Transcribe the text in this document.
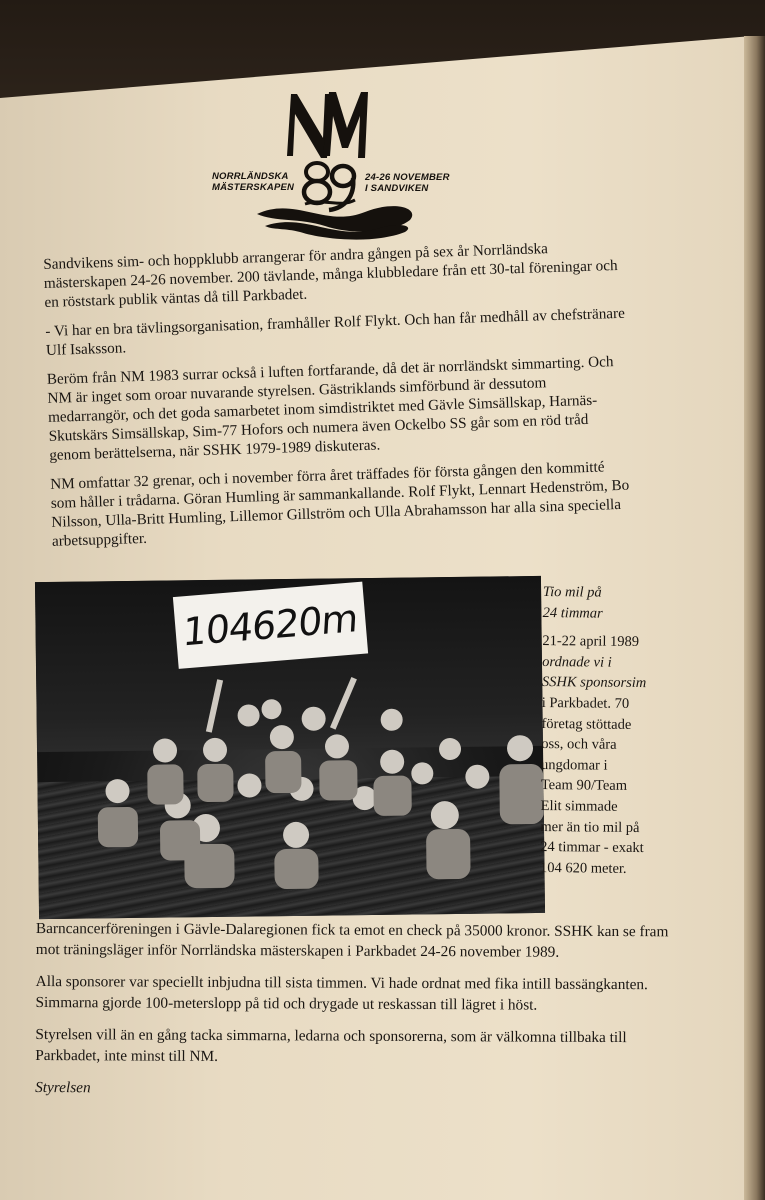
NORRLÄNDSKA
MÄSTERSKAPEN
24-26 NOVEMBER
I SANDVIKEN

Sandvikens sim- och hoppklubb arrangerar för andra gången på sex år Norrländska mästerskapen 24-26 november. 200 tävlande, många klubbledare från ett 30-tal föreningar och en röststark publik väntas då till Parkbadet.

- Vi har en bra tävlingsorganisation, framhåller Rolf Flykt. Och han får medhåll av chefstränare Ulf Isaksson.

Beröm från NM 1983 surrar också i luften fortfarande, då det är norrländskt simmarting. Och NM är inget som oroar nuvarande styrelsen. Gästriklands simförbund är dessutom medarrangör, och det goda samarbetet inom simdistriktet med Gävle Simsällskap, Harnäs-Skutskärs Simsällskap, Sim-77 Hofors och numera även Ockelbo SS går som en röd tråd genom berättelserna, när SSHK 1979-1989 diskuteras.

NM omfattar 32 grenar, och i november förra året träffades för första gången den kommitté som håller i trådarna. Göran Humling är sammankallande. Rolf Flykt, Lennart Hedenström, Bo Nilsson, Ulla-Britt Humling, Lillemor Gillström och Ulla Abrahamsson har alla sina speciella arbetsuppgifter.

104620m
Tio mil på
24 timmar
21-22 april 1989
ordnade vi i
SSHK sponsorsim
i Parkbadet. 70
företag stöttade
oss, och våra
ungdomar i
Team 90/Team
Elit simmade
mer än tio mil på
24 timmar - exakt
104 620 meter.

Barncancerföreningen i Gävle-Dalaregionen fick ta emot en check på 35000 kronor. SSHK kan se fram mot träningsläger inför Norrländska mästerskapen i Parkbadet 24-26 november 1989.

Alla sponsorer var speciellt inbjudna till sista timmen. Vi hade ordnat med fika intill bassängkanten. Simmarna gjorde 100-meterslopp på tid och drygade ut reskassan till lägret i höst.

Styrelsen vill än en gång tacka simmarna, ledarna och sponsorerna, som är välkomna tillbaka till Parkbadet, inte minst till NM.

Styrelsen
